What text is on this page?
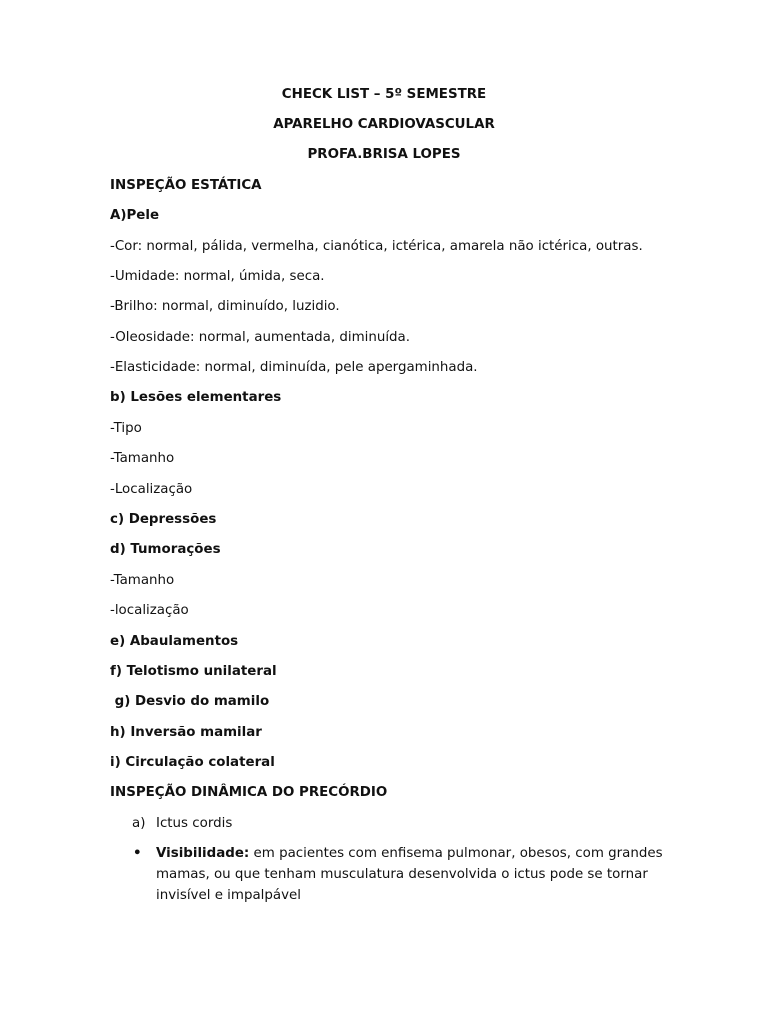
CHECK LIST – 5º SEMESTRE
APARELHO CARDIOVASCULAR
PROFA.BRISA LOPES
INSPEÇÃO ESTÁTICA
A)Pele
-Cor: normal, pálida, vermelha, cianótica, ictérica, amarela não ictérica, outras.
-Umidade: normal, úmida, seca.
-Brilho: normal, diminuído, luzidio.
-Oleosidade: normal, aumentada, diminuída.
-Elasticidade: normal, diminuída, pele apergaminhada.
b) Lesões elementares
-Tipo
-Tamanho
-Localização
c) Depressões
d) Tumorações
-Tamanho
-localização
e) Abaulamentos
f) Telotismo unilateral
g) Desvio do mamilo
h) Inversão mamilar
i) Circulação colateral
INSPEÇÃO DINÂMICA DO PRECÓRDIO
a) Ictus cordis
• Visibilidade: em pacientes com enfisema pulmonar, obesos, com grandes mamas, ou que tenham musculatura desenvolvida o ictus pode se tornar invisível e impalpável
